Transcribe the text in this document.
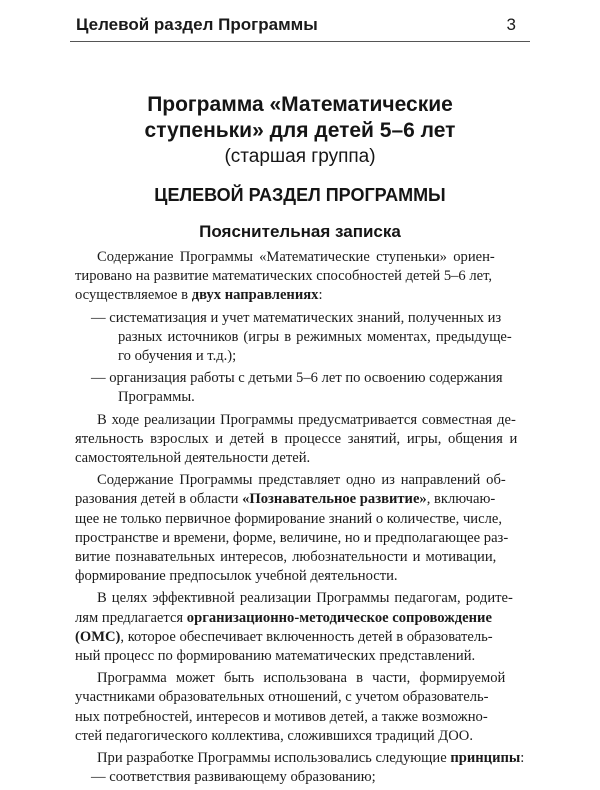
Целевой раздел Программы	3
Программа «Математические
ступеньки» для детей 5–6 лет
(старшая группа)
ЦЕЛЕВОЙ РАЗДЕЛ ПРОГРАММЫ
Пояснительная записка
Содержание Программы «Математические ступеньки» ориен-
тировано на развитие математических способностей детей 5–6 лет,
осуществляемое в двух направлениях:
— систематизация и учет математических знаний, полученных из
разных источников (игры в режимных моментах, предыдуще-
го обучения и т.д.);
— организация работы с детьми 5–6 лет по освоению содержания
Программы.
В ходе реализации Программы предусматривается совместная де-
ятельность взрослых и детей в процессе занятий, игры, общения и
самостоятельной деятельности детей.
Содержание Программы представляет одно из направлений об-
разования детей в области «Познавательное развитие», включаю-
щее не только первичное формирование знаний о количестве, числе,
пространстве и времени, форме, величине, но и предполагающее раз-
витие познавательных интересов, любознательности и мотивации,
формирование предпосылок учебной деятельности.
В целях эффективной реализации Программы педагогам, родите-
лям предлагается организационно-методическое сопровождение
(ОМС), которое обеспечивает включенность детей в образователь-
ный процесс по формированию математических представлений.
Программа может быть использована в части, формируемой
участниками образовательных отношений, с учетом образователь-
ных потребностей, интересов и мотивов детей, а также возможно-
стей педагогического коллектива, сложившихся традиций ДОО.
При разработке Программы использовались следующие принципы:
— соответствия развивающему образованию;
